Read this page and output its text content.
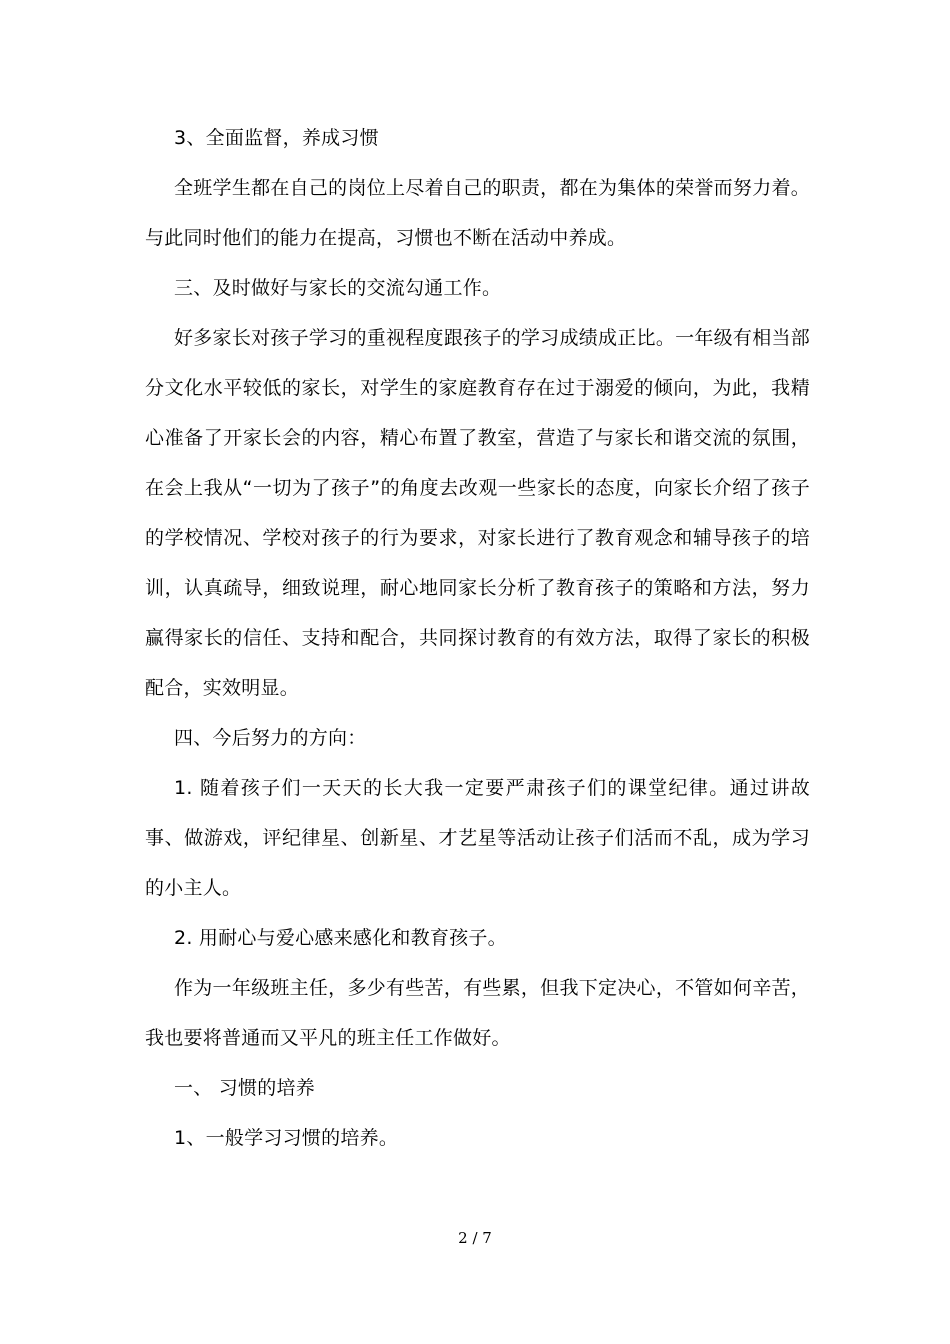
3、全面监督，养成习惯

全班学生都在自己的岗位上尽着自己的职责，都在为集体的荣誉而努力着。与此同时他们的能力在提高，习惯也不断在活动中养成。

三、及时做好与家长的交流勾通工作。

好多家长对孩子学习的重视程度跟孩子的学习成绩成正比。一年级有相当部分文化水平较低的家长，对学生的家庭教育存在过于溺爱的倾向，为此，我精心准备了开家长会的内容，精心布置了教室，营造了与家长和谐交流的氛围，在会上我从“一切为了孩子”的角度去改观一些家长的态度，向家长介绍了孩子的学校情况、学校对孩子的行为要求，对家长进行了教育观念和辅导孩子的培训，认真疏导，细致说理，耐心地同家长分析了教育孩子的策略和方法，努力赢得家长的信任、支持和配合，共同探讨教育的有效方法，取得了家长的积极配合，实效明显。

四、今后努力的方向：

1. 随着孩子们一天天的长大我一定要严肃孩子们的课堂纪律。通过讲故事、做游戏，评纪律星、创新星、才艺星等活动让孩子们活而不乱，成为学习的小主人。

2. 用耐心与爱心感来感化和教育孩子。

作为一年级班主任，多少有些苦，有些累，但我下定决心，不管如何辛苦，我也要将普通而又平凡的班主任工作做好。

一、 习惯的培养

1、一般学习习惯的培养。

2 / 7
